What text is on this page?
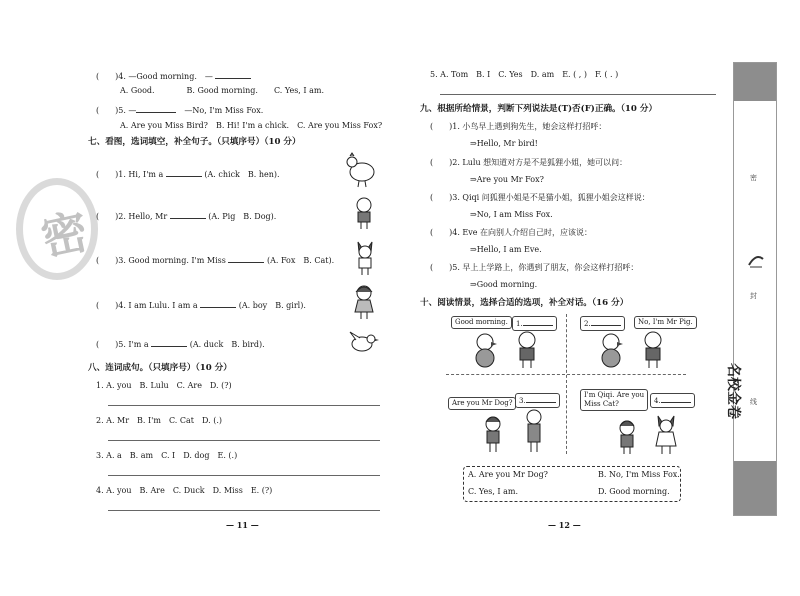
(　　)4. —Good morning.　—
A. Good.　　　　B. Good morning.　　C. Yes, I am.
(　　)5. —　	—No, I'm Miss Fox.
A. Are you Miss Bird?　B. Hi! I'm a chick.　C. Are you Miss Fox?
七、看图，选词填空，补全句子。（只填序号）（10 分）
(　　)1. Hi, I'm a	(A. chick　B. hen).
(　　)2. Hello, Mr	(A. Pig　B. Dog).
(　　)3. Good morning. I'm Miss	(A. Fox　B. Cat).
(　　)4. I am Lulu. I am a	(A. boy　B. girl).
(　　)5. I'm a	(A. duck　B. bird).
八、连词成句。（只填序号）（10 分）
1. A. you　B. Lulu　C. Are　D. (?)
2. A. Mr　B. I'm　C. Cat　D. (.)
3. A. a　B. am　C. I　D. dog　E. (.)
4. A. you　B. Are　C. Duck　D. Miss　E. (?)
— 11 —
密
5. A. Tom　B. I　C. Yes　D. am　E. ( , )　F. ( . )
九、根据所给情景，判断下列说法是(T)否(F)正确。（10 分）
(　　)1. 小鸟早上遇到狗先生，她会这样打招呼：
⇒Hello, Mr bird!
(　　)2. Lulu 想知道对方是不是狐狸小姐，她可以问：
⇒Are you Mr Fox?
(　　)3. Qiqi 问狐狸小姐是不是猫小姐，狐狸小姐会这样说：
⇒No, I am Miss Fox.
(　　)4. Eve 在向别人介绍自己时，应该说：
⇒Hello, I am Eve.
(　　)5. 早上上学路上，你遇到了朋友，你会这样打招呼：
⇒Good morning.
十、阅读情景，选择合适的选项，补全对话。（16 分）
Good morning.	1.	2.	No, I'm Mr Pig.
Are you Mr Dog? 3.
I'm Qiqi. Are you
Miss Cat?	4.
A. Are you Mr Dog?	B. No, I'm Miss Fox.
C. Yes, I am.	D. Good morning.
— 12 —
密
名校金卷
封
线
